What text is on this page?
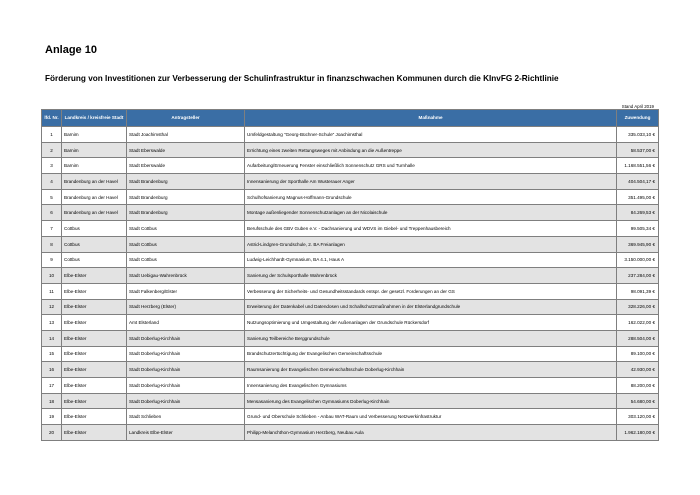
Anlage 10
Förderung von Investitionen zur Verbesserung der Schulinfrastruktur in finanzschwachen Kommunen durch die KInvFG 2-Richtlinie
Stand April 2019
lfd. Nr.	Landkreis / kreisfreie Stadt	Antragsteller	Maßnahme	Zuwendung
1	Barnim	Stadt Joachimsthal	Umfeldgestaltung "Georg-Büchner-Schule" Joachimsthal	335.033,10 €
2	Barnim	Stadt Eberswalde	Errichtung eines zweiten Rettungsweges mit Anbindung an die Außentreppe	58.537,00 €
3	Barnim	Stadt Eberswalde	Aufarbeitung/Erneuerung Fenster einschließlich Sonnenschutz GRS und Turnhalle	1.168.551,56 €
4	Brandenburg an der Havel	Stadt Brandenburg	Innensanierung der Sporthalle Am Wusterauer Anger	404.504,17 €
5	Brandenburg an der Havel	Stadt Brandenburg	Schulhofsanierung Magnus-Hoffmann-Grundschule	351.495,00 €
6	Brandenburg an der Havel	Stadt Brandenburg	Montage außenliegender Sonnenschutzanlagen an der Nicolaischule	84.269,53 €
7	Cottbus	Stadt Cottbus	Berufsschule des GBV Guben e.V. - Dachsanierung und WDVS im Giebel- und Treppenhausbereich	99.505,34 €
8	Cottbus	Stadt Cottbus	Astrid-Lindgren-Grundschule, 2. BA Freianlagen	369.945,90 €
9	Cottbus	Stadt Cottbus	Ludwig-Leichhardt-Gymnasium, BA 4.1, Haus A	3.150.000,00 €
10	Elbe-Elster	Stadt Uebigau-Wahrenbrück	Sanierung der Schulsporthalle Wahrenbrück	237.284,00 €
11	Elbe-Elster	Stadt Falkenberg/Elster	Verbesserung der Sicherheits- und Gesundheitsstandards entspr. der gesetzl. Forderungen an der GS	98.091,39 €
12	Elbe-Elster	Stadt Herzberg (Elster)	Erweiterung der Datenkabel und Datendosen und Schallschutzmaßnahmen in der Elsterlandgrundschule	328.226,00 €
13	Elbe-Elster	Amt Elsterland	Nutzungsoptimierung und Umgestaltung der Außenanlagen der Grundschule Rückersdorf	162.022,00 €
14	Elbe-Elster	Stadt Doberlug-Kirchhain	Sanierung Teilbereiche Berggrundschule	288.504,00 €
15	Elbe-Elster	Stadt Doberlug-Kirchhain	Brandschutzertüchtigung der Evangelischen Gemeinschaftsschule	89.100,00 €
16	Elbe-Elster	Stadt Doberlug-Kirchhain	Raumsanierung der Evangelischen Gemeinschaftsschule Doberlug-Kirchhain	42.930,00 €
17	Elbe-Elster	Stadt Doberlug-Kirchhain	Innensanierung des Evangelischen Gymnasiums	88.200,00 €
18	Elbe-Elster	Stadt Doberlug-Kirchhain	Mensasanierung des Evangelischen Gymnasiums Doberlug-Kirchhain	54.680,00 €
19	Elbe-Elster	Stadt Schlieben	Grund- und Oberschule Schlieben - Anbau WAT-Raum und Verbesserung Netzwerkinfrastruktur	303.120,00 €
20	Elbe-Elster	Landkreis Elbe-Elster	Philipp-Melanchthon-Gymnasium Herzberg, Neubau Aula	1.962.180,00 €
